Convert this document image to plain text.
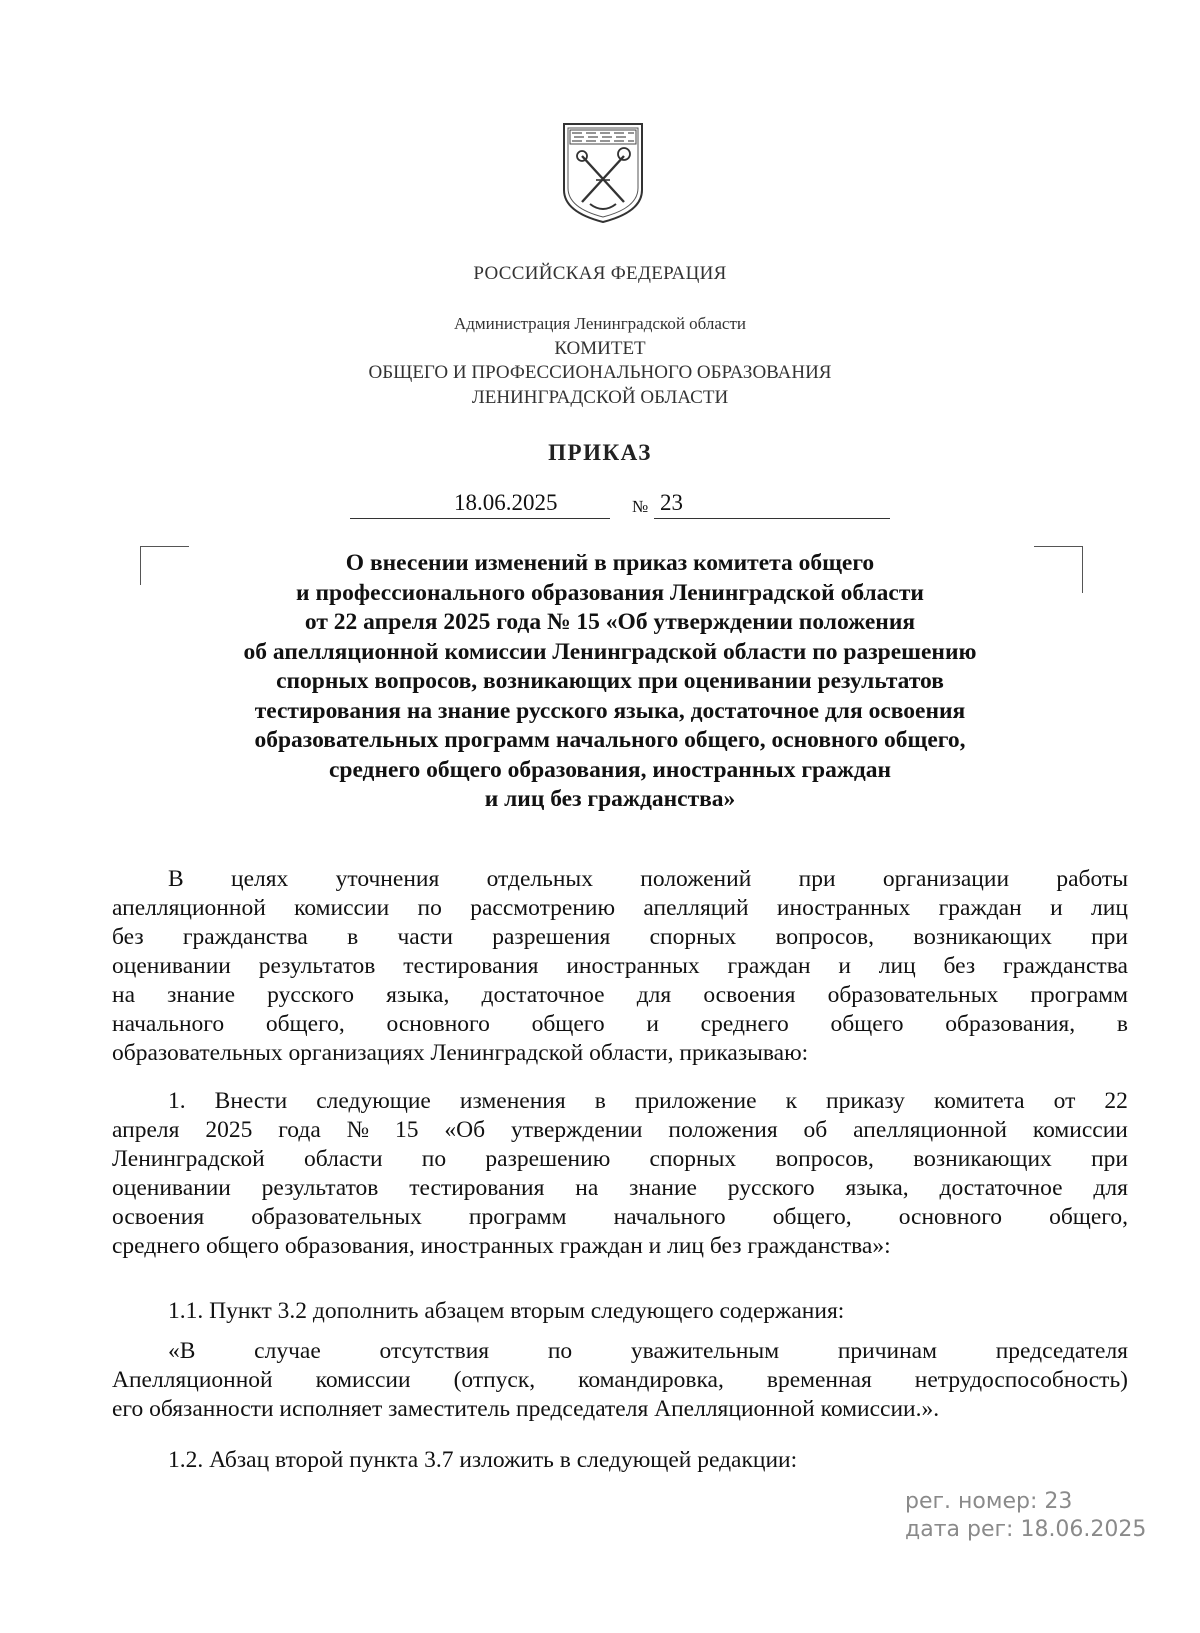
РОССИЙСКАЯ ФЕДЕРАЦИЯ
Администрация Ленинградской области
КОМИТЕТ
ОБЩЕГО И ПРОФЕССИОНАЛЬНОГО ОБРАЗОВАНИЯ
ЛЕНИНГРАДСКОЙ ОБЛАСТИ
ПРИКАЗ
18.06.2025	№ 23
О внесении изменений в приказ комитета общего
и профессионального образования Ленинградской области
от 22 апреля 2025 года № 15 «Об утверждении положения
об апелляционной комиссии Ленинградской области по разрешению
спорных вопросов, возникающих при оценивании результатов
тестирования на знание русского языка, достаточное для освоения
образовательных программ начального общего, основного общего,
среднего общего образования, иностранных граждан
и лиц без гражданства»
В целях уточнения отдельных положений при организации работы
апелляционной комиссии по рассмотрению апелляций иностранных граждан и лиц
без гражданства в части разрешения спорных вопросов, возникающих при
оценивании результатов тестирования иностранных граждан и лиц без гражданства
на знание русского языка, достаточное для освоения образовательных программ
начального общего, основного общего и среднего общего образования, в
образовательных организациях Ленинградской области, приказываю:
1. Внести следующие изменения в приложение к приказу комитета от 22
апреля 2025 года № 15 «Об утверждении положения об апелляционной комиссии
Ленинградской области по разрешению спорных вопросов, возникающих при
оценивании результатов тестирования на знание русского языка, достаточное для
освоения образовательных программ начального общего, основного общего,
среднего общего образования, иностранных граждан и лиц без гражданства»:
1.1. Пункт 3.2 дополнить абзацем вторым следующего содержания:
«В случае отсутствия по уважительным причинам председателя
Апелляционной комиссии (отпуск, командировка, временная нетрудоспособность)
его обязанности исполняет заместитель председателя Апелляционной комиссии.».
1.2. Абзац второй пункта 3.7 изложить в следующей редакции:
рег. номер: 23
дата рег: 18.06.2025
